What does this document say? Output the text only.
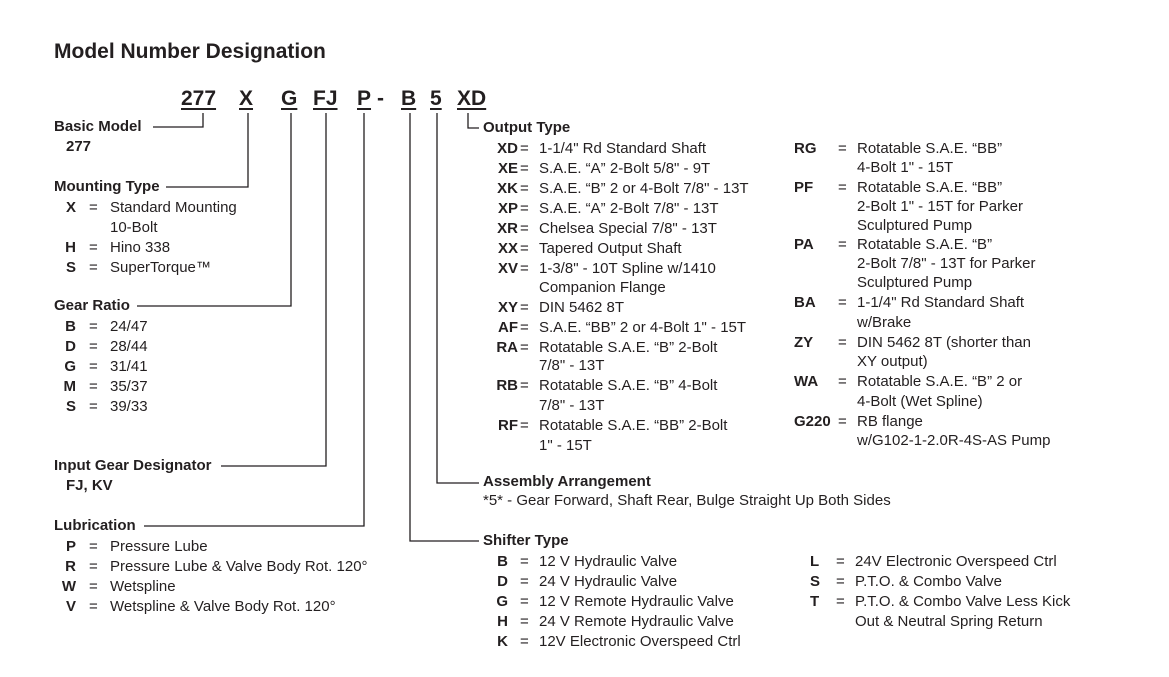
Model Number Designation
277 X G FJ P - B 5 XD
Basic Model
277
Mounting Type
X = Standard Mounting
10-Bolt
H = Hino 338
S = SuperTorque™
Gear Ratio
B = 24/47
D = 28/44
G = 31/41
M = 35/37
S = 39/33
Input Gear Designator
FJ, KV
Lubrication
P = Pressure Lube
R = Pressure Lube & Valve Body Rot. 120°
W = Wetspline
V = Wetspline & Valve Body Rot. 120°
Output Type
XD = 1-1/4" Rd Standard Shaft
XE = S.A.E. “A” 2-Bolt 5/8" - 9T
XK = S.A.E. “B” 2 or 4-Bolt 7/8" - 13T
XP = S.A.E. “A” 2-Bolt 7/8" - 13T
XR = Chelsea Special 7/8" - 13T
XX = Tapered Output Shaft
XV = 1-3/8" - 10T Spline w/1410
Companion Flange
XY = DIN 5462 8T
AF = S.A.E. “BB” 2 or 4-Bolt 1" - 15T
RA = Rotatable S.A.E. “B” 2-Bolt
7/8" - 13T
RB = Rotatable S.A.E. “B” 4-Bolt
7/8" - 13T
RF = Rotatable S.A.E. “BB” 2-Bolt
1" - 15T
RG	= Rotatable S.A.E. “BB”
4-Bolt 1" - 15T
PF	= Rotatable S.A.E. “BB”
2-Bolt 1" - 15T for Parker
Sculptured Pump
PA	= Rotatable S.A.E. “B”
2-Bolt 7/8" - 13T for Parker
Sculptured Pump
BA	= 1-1/4" Rd Standard Shaft
w/Brake
ZY	= DIN 5462 8T (shorter than
XY output)
WA	= Rotatable S.A.E. “B” 2 or
4-Bolt (Wet Spline)
G220 = RB flange
w/G102-1-2.0R-4S-AS Pump
Assembly Arrangement
*5* - Gear Forward, Shaft Rear, Bulge Straight Up Both Sides
Shifter Type
B = 12 V Hydraulic Valve
D = 24 V Hydraulic Valve
G = 12 V Remote Hydraulic Valve
H = 24 V Remote Hydraulic Valve
K = 12V Electronic Overspeed Ctrl
L	= 24V Electronic Overspeed Ctrl
S	= P.T.O. & Combo Valve
T	= P.T.O. & Combo Valve Less Kick
Out & Neutral Spring Return
